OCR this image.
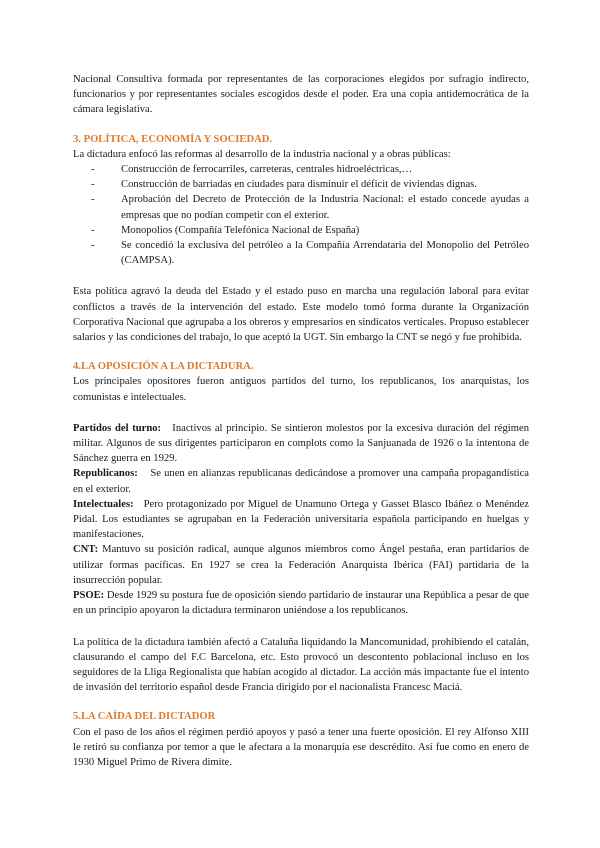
Nacional Consultiva formada por representantes de las corporaciones elegidos por sufragio indirecto, funcionarios y por representantes sociales escogidos desde el poder. Era una copia antidemocrática de la cámara legislativa.

3. POLÍTICA, ECONOMÍA Y SOCIEDAD.

La dictadura enfocó las reformas al desarrollo de la industria nacional y a obras públicas:

- Construcción de ferrocarriles, carreteras, centrales hidroeléctricas,…
- Construcción de barriadas en ciudades para disminuir el déficit de viviendas dignas.
- Aprobación del Decreto de Protección de la Industria Nacional: el estado concede ayudas a empresas que no podían competir con el exterior.
- Monopolios (Compañía Telefónica Nacional de España)
- Se concedió la exclusiva del petróleo a la Compañía Arrendataria del Monopolio del Petróleo (CAMPSA).

Esta política agravó la deuda del Estado y el estado puso en marcha una regulación laboral para evitar conflictos a través de la intervención del estado. Este modelo tomó forma durante la Organización Corporativa Nacional que agrupaba a los obreros y empresarios en sindicatos verticales. Propuso establecer salarios y las condiciones del trabajo, lo que aceptó la UGT. Sin embargo la CNT se negó y fue prohibida.

4.LA OPOSICIÓN A LA DICTADURA.

Los principales opositores fueron antiguos partidos del turno, los republicanos, los anarquistas, los comunistas e intelectuales.

Partidos del turno: Inactivos al principio. Se sintieron molestos por la excesiva duración del régimen militar. Algunos de sus dirigentes participaron en complots como la Sanjuanada de 1926 o la intentona de Sánchez guerra en 1929.

Republicanos: Se unen en alianzas republicanas dedicándose a promover una campaña propagandística en el exterior.

Intelectuales: Pero protagonizado por Miguel de Unamuno Ortega y Gasset Blasco Ibáñez o Menéndez Pidal. Los estudiantes se agrupaban en la Federación universitaria española participando en huelgas y manifestaciones.

CNT: Mantuvo su posición radical, aunque algunos miembros como Ángel pestaña, eran partidarios de utilizar formas pacíficas. En 1927 se crea la Federación Anarquista Ibérica (FAI) partidaria de la insurrección popular.

PSOE: Desde 1929 su postura fue de oposición siendo partidario de instaurar una República a pesar de que en un principio apoyaron la dictadura terminaron uniéndose a los republicanos.

La política de la dictadura también afectó a Cataluña liquidando la Mancomunidad, prohibiendo el catalán, clausurando el campo del F.C Barcelona, etc. Esto provocó un descontento poblacional incluso en los seguidores de la Lliga Regionalista que habían acogido al dictador. La acción más impactante fue el intento de invasión del territorio español desde Francia dirigido por el nacionalista Francesc Maciá.

5.LA CAÍDA DEL DICTADOR

Con el paso de los años el régimen perdió apoyos y pasó a tener una fuerte oposición. El rey Alfonso XIII le retiró su confianza por temor a que le afectara a la monarquía ese descrédito. Así fue como en enero de 1930 Miguel Primo de Rivera dimite.
